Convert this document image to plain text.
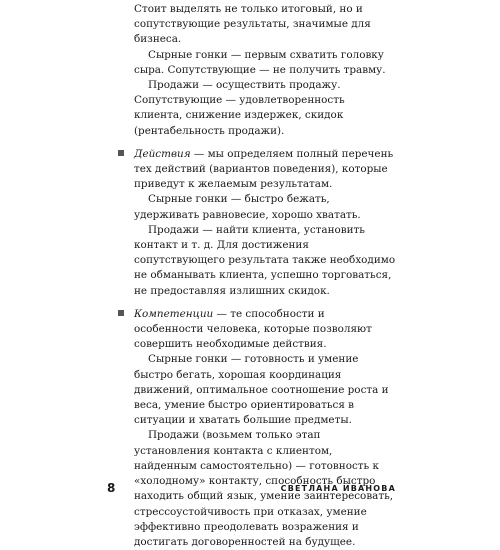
Стоит выделять не только итоговый, но и сопутствующие результаты, значимые для бизнеса.

Сырные гонки — первым схватить головку сыра. Сопутствующие — не получить травму.

Продажи — осуществить продажу. Сопутствующие — удовлетворенность клиента, снижение издержек, скидок (рентабельность продажи).

Действия — мы определяем полный перечень тех действий (вариантов поведения), которые приведут к желаемым результатам.

Сырные гонки — быстро бежать, удерживать равновесие, хорошо хватать.

Продажи — найти клиента, установить контакт и т. д. Для достижения сопутствующего результата также необходимо не обманывать клиента, успешно торговаться, не предоставляя излишних скидок.

Компетенции — те способности и особенности человека, которые позволяют совершить необходимые действия.

Сырные гонки — готовность и умение быстро бегать, хорошая координация движений, оптимальное соотношение роста и веса, умение быстро ориентироваться в ситуации и хватать большие предметы.

Продажи (возьмем только этап установления контакта с клиентом, найденным самостоятельно) — готовность к «холодному» контакту, способность быстро находить общий язык, умение заинтересовать, стрессоустойчивость при отказах, умение эффективно преодолевать возражения и достигать договоренностей на будущее.

8	СВЕТЛАНА ИВАНОВА
